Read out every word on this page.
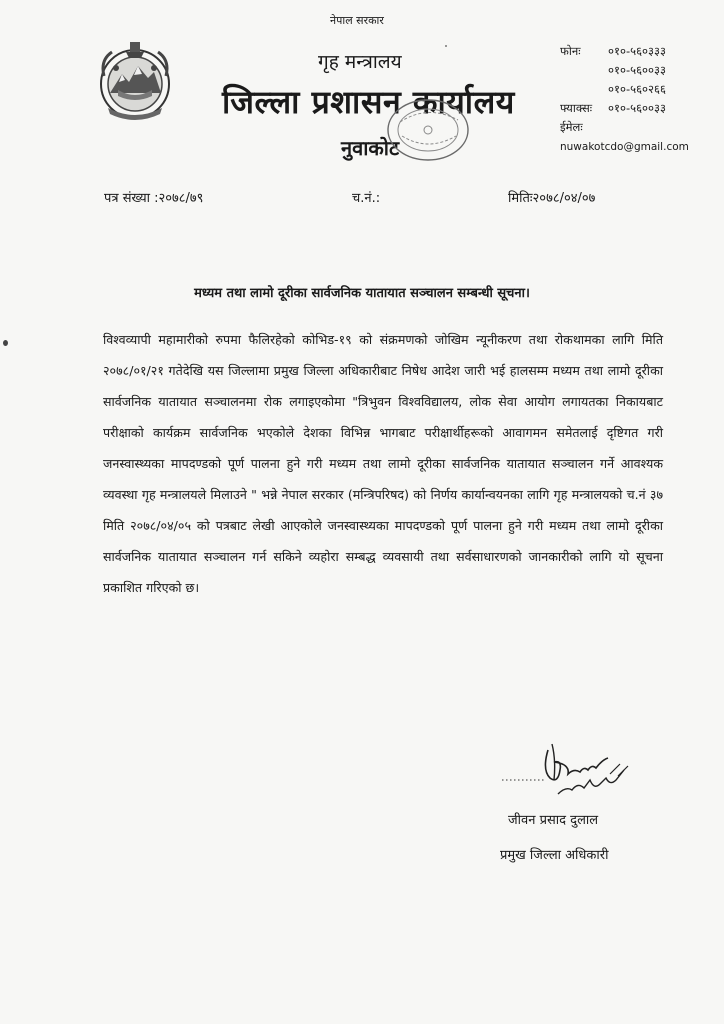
नेपाल सरकार
गृह मन्त्रालय
जिल्ला प्रशासन कार्यालय
नुवाकोट
फोनः ०१०-५६०३३३
०१०-५६००३३
०१०-५६०२६६
फ्याक्सः ०१०-५६००३३
ईमेलः
nuwakotcdo@gmail.com
पत्र संख्या :२०७८/७९	च.नं.:	मितिः२०७८/०४/०७
मध्यम तथा लामो दूरीका सार्वजनिक यातायात सञ्चालन सम्बन्धी सूचना।
विश्वव्यापी महामारीको रुपमा फैलिरहेको कोभिड-१९ को संक्रमणको जोखिम न्यूनीकरण तथा रोकथामका लागि मिति २०७८/०१/२१ गतेदेखि यस जिल्लामा प्रमुख जिल्ला अधिकारीबाट निषेध आदेश जारी भई हालसम्म मध्यम तथा लामो दूरीका सार्वजनिक यातायात सञ्चालनमा रोक लगाइएकोमा "त्रिभुवन विश्वविद्यालय, लोक सेवा आयोग लगायतका निकायबाट परीक्षाको कार्यक्रम सार्वजनिक भएकोले देशका विभिन्न भागबाट परीक्षार्थीहरूको आवागमन समेतलाई दृष्टिगत गरी जनस्वास्थ्यका मापदण्डको पूर्ण पालना हुने गरी मध्यम तथा लामो दूरीका सार्वजनिक यातायात सञ्चालन गर्ने आवश्यक व्यवस्था गृह मन्त्रालयले मिलाउने " भन्ने नेपाल सरकार (मन्त्रिपरिषद) को निर्णय कार्यान्वयनका लागि गृह मन्त्रालयको च.नं ३७ मिति २०७८/०४/०५ को पत्रबाट लेखी आएकोले जनस्वास्थ्यका मापदण्डको पूर्ण पालना हुने गरी मध्यम तथा लामो दूरीका सार्वजनिक यातायात सञ्चालन गर्न सकिने व्यहोरा सम्बद्ध व्यवसायी तथा सर्वसाधारणको जानकारीको लागि यो सूचना प्रकाशित गरिएको छ।
जीवन प्रसाद दुलाल
प्रमुख जिल्ला अधिकारी
